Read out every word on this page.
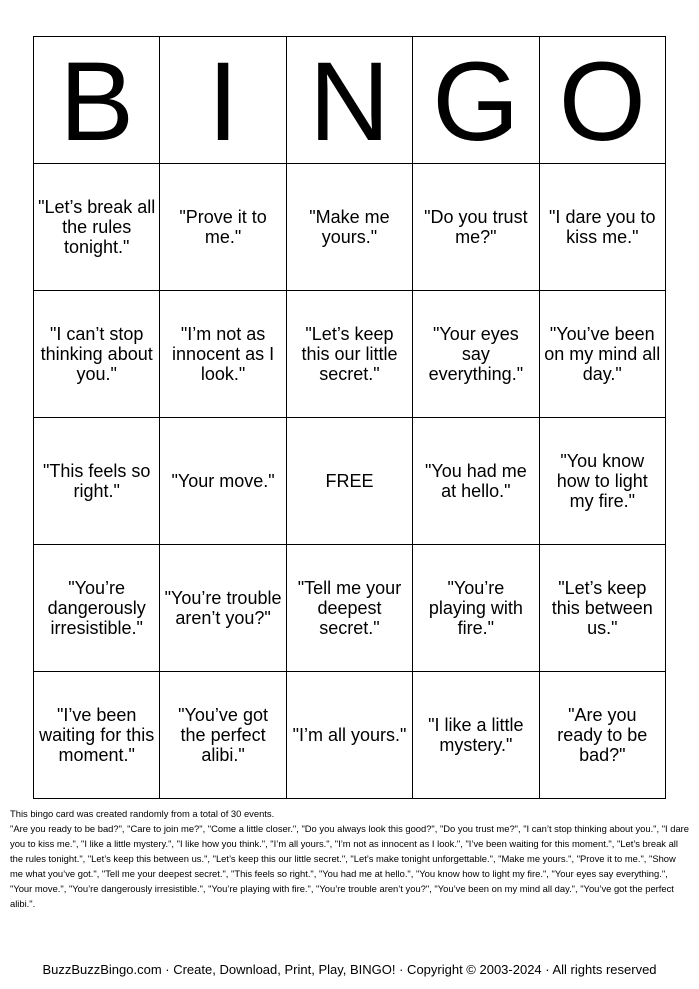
B	I	N	G	O

"Let’s break all the rules tonight."	"Prove it to me."	"Make me yours."	"Do you trust me?"	"I dare you to kiss me."

"I can’t stop thinking about you."	"I’m not as innocent as I look."	"Let’s keep this our little secret."	"Your eyes say everything."	"You’ve been on my mind all day."

"This feels so right."	"Your move."	FREE	"You had me at hello."	"You know how to light my fire."

"You’re dangerously irresistible."	"You’re trouble aren’t you?"	"Tell me your deepest secret."	"You’re playing with fire."	"Let’s keep this between us."

"I’ve been waiting for this moment."	"You’ve got the perfect alibi."	"I’m all yours."	"I like a little mystery."	"Are you ready to be bad?"

This bingo card was created randomly from a total of 30 events.

"Are you ready to be bad?", "Care to join me?", "Come a little closer.", "Do you always look this good?", "Do you trust me?", "I can’t stop thinking about you.", "I dare you to kiss me.", "I like a little mystery.", "I like how you think.", "I’m all yours.", "I’m not as innocent as I look.", "I’ve been waiting for this moment.", "Let’s break all the rules tonight.", "Let’s keep this between us.", "Let’s keep this our little secret.", "Let’s make tonight unforgettable.", "Make me yours.", "Prove it to me.", "Show me what you’ve got.", "Tell me your deepest secret.", "This feels so right.", "You had me at hello.", "You know how to light my fire.", "Your eyes say everything.", "Your move.", "You’re dangerously irresistible.", "You’re playing with fire.", "You’re trouble aren’t you?", "You’ve been on my mind all day.", "You’ve got the perfect alibi.".

BuzzBuzzBingo.com · Create, Download, Print, Play, BINGO! · Copyright © 2003-2024 · All rights reserved
